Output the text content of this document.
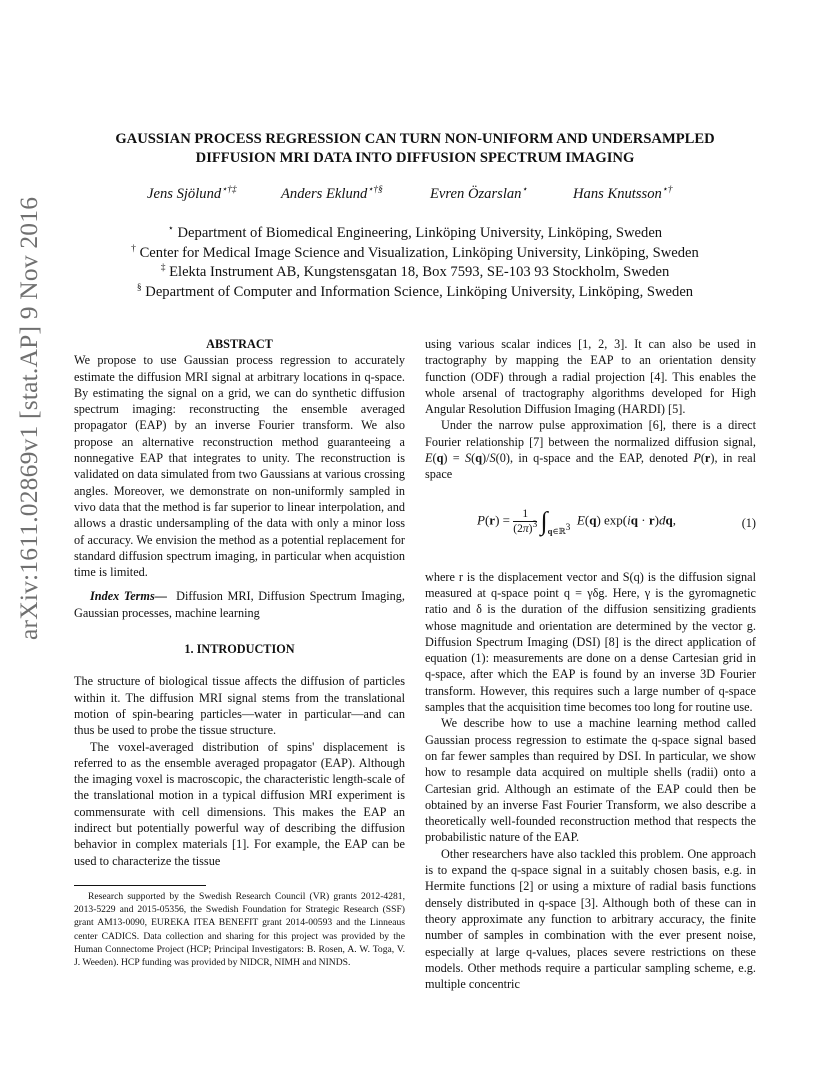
arXiv:1611.02869v1 [stat.AP] 9 Nov 2016
GAUSSIAN PROCESS REGRESSION CAN TURN NON-UNIFORM AND UNDERSAMPLED
DIFFUSION MRI DATA INTO DIFFUSION SPECTRUM IMAGING
Jens Sjölund⋆†‡	Anders Eklund⋆†§	Evren Özarslan⋆	Hans Knutsson⋆†
⋆ Department of Biomedical Engineering, Linköping University, Linköping, Sweden
† Center for Medical Image Science and Visualization, Linköping University, Linköping, Sweden
‡ Elekta Instrument AB, Kungstensgatan 18, Box 7593, SE-103 93 Stockholm, Sweden
§ Department of Computer and Information Science, Linköping University, Linköping, Sweden

ABSTRACT

We propose to use Gaussian process regression to accurately estimate the diffusion MRI signal at arbitrary locations in q-space. By estimating the signal on a grid, we can do synthetic diffusion spectrum imaging: reconstructing the ensemble averaged propagator (EAP) by an inverse Fourier transform. We also propose an alternative reconstruction method guaranteeing a nonnegative EAP that integrates to unity. The reconstruction is validated on data simulated from two Gaussians at various crossing angles. Moreover, we demonstrate on non-uniformly sampled in vivo data that the method is far superior to linear interpolation, and allows a drastic undersampling of the data with only a minor loss of accuracy. We envision the method as a potential replacement for standard diffusion spectrum imaging, in particular when acquistion time is limited.

Index Terms— Diffusion MRI, Diffusion Spectrum Imaging, Gaussian processes, machine learning

1. INTRODUCTION

The structure of biological tissue affects the diffusion of particles within it. The diffusion MRI signal stems from the translational motion of spin-bearing particles—water in particular—and can thus be used to probe the tissue structure.

The voxel-averaged distribution of spins' displacement is referred to as the ensemble averaged propagator (EAP). Although the imaging voxel is macroscopic, the characteristic length-scale of the translational motion in a typical diffusion MRI experiment is commensurate with cell dimensions. This makes the EAP an indirect but potentially powerful way of describing the diffusion behavior in complex materials [1]. For example, the EAP can be used to characterize the tissue

Research supported by the Swedish Research Council (VR) grants 2012-4281, 2013-5229 and 2015-05356, the Swedish Foundation for Strategic Research (SSF) grant AM13-0090, EUREKA ITEA BENEFIT grant 2014-00593 and the Linneaus center CADICS. Data collection and sharing for this project was provided by the Human Connectome Project (HCP; Principal Investigators: B. Rosen, A. W. Toga, V. J. Weeden). HCP funding was provided by NIDCR, NIMH and NINDS.

using various scalar indices [1, 2, 3]. It can also be used in tractography by mapping the EAP to an orientation density function (ODF) through a radial projection [4]. This enables the whole arsenal of tractography algorithms developed for High Angular Resolution Diffusion Imaging (HARDI) [5].

Under the narrow pulse approximation [6], there is a direct Fourier relationship [7] between the normalized diffusion signal, E(q) = S(q)/S(0), in q-space and the EAP, denoted P(r), in real space

$P(r) = \frac{1}{(2\pi)^3} \int_{q\in ℝ^3}$  E(q) exp(iq · r)dq,	(1)

where r is the displacement vector and S(q) is the diffusion signal measured at q-space point q = γδg. Here, γ is the gyromagnetic ratio and δ is the duration of the diffusion sensitizing gradients whose magnitude and orientation are determined by the vector g. Diffusion Spectrum Imaging (DSI) [8] is the direct application of equation (1): measurements are done on a dense Cartesian grid in q-space, after which the EAP is found by an inverse 3D Fourier transform. However, this requires such a large number of q-space samples that the acquisition time becomes too long for routine use.

We describe how to use a machine learning method called Gaussian process regression to estimate the q-space signal based on far fewer samples than required by DSI. In particular, we show how to resample data acquired on multiple shells (radii) onto a Cartesian grid. Although an estimate of the EAP could then be obtained by an inverse Fast Fourier Transform, we also describe a theoretically well-founded reconstruction method that respects the probabilistic nature of the EAP.

Other researchers have also tackled this problem. One approach is to expand the q-space signal in a suitably chosen basis, e.g. in Hermite functions [2] or using a mixture of radial basis functions densely distributed in q-space [3]. Although both of these can in theory approximate any function to arbitrary accuracy, the finite number of samples in combination with the ever present noise, especially at large q-values, places severe restrictions on these models. Other methods require a particular sampling scheme, e.g. multiple concentric
